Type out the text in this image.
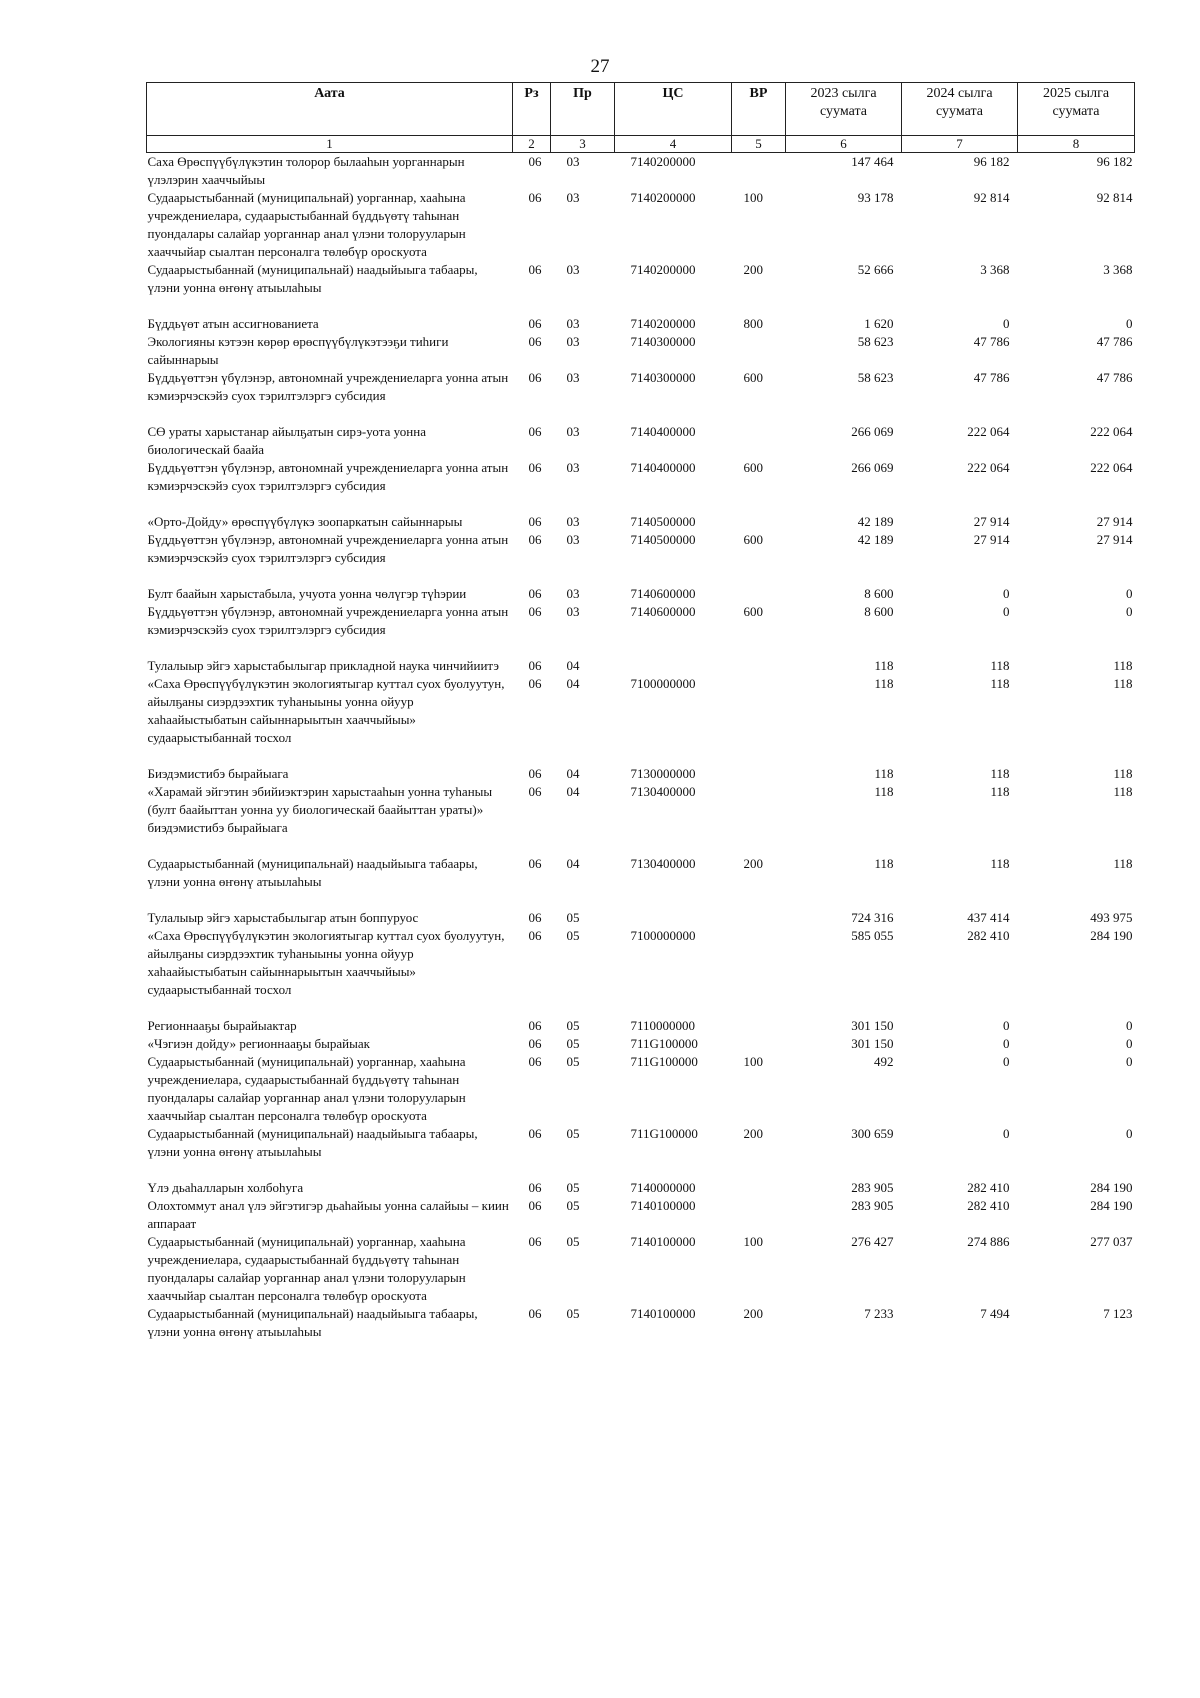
27
Аата	Рз	Пр	ЦС	ВР	2023 сылга суумата	2024 сылга суумата	2025 сылга суумата
1	2	3	4	5	6	7	8
Саха Өрөспүүбүлүкэтин толорор былааһын уорганнарын үлэлэрин хааччыйыы	06	03	7140200000		147 464	96 182	96 182
Судаарыстыбаннай (муниципальнай) уорганнар, хааһына учреждениелара, судаарыстыбаннай бүддьүөтү таһынан пуондалары салайар уорганнар анал үлэни толорууларын хааччыйар сыалтан персоналга төлөбүр ороскуота	06	03	7140200000	100	93 178	92 814	92 814
Судаарыстыбаннай (муниципальнай) наадыйыыга табаары, үлэни уонна өҥөнү атыылаһыы	06	03	7140200000	200	52 666	3 368	3 368
Бүддьүөт атын ассигнованиета	06	03	7140200000	800	1 620	0	0
Экологияны кэтээн көрөр өрөспүүбүлүкэтээҕи тиһиги сайыннарыы	06	03	7140300000		58 623	47 786	47 786
Бүддьүөттэн үбүлэнэр, автономнай учреждениеларга уонна атын кэмиэрчэскэйэ суох тэрилтэлэргэ субсидия	06	03	7140300000	600	58 623	47 786	47 786
СӨ ураты харыстанар айылҕатын сирэ-уота уонна биологическай баайа	06	03	7140400000		266 069	222 064	222 064
Бүддьүөттэн үбүлэнэр, автономнай учреждениеларга уонна атын кэмиэрчэскэйэ суох тэрилтэлэргэ субсидия	06	03	7140400000	600	266 069	222 064	222 064
«Орто-Дойду» өрөспүүбүлүкэ зоопаркатын сайыннарыы	06	03	7140500000		42 189	27 914	27 914
Бүддьүөттэн үбүлэнэр, автономнай учреждениеларга уонна атын кэмиэрчэскэйэ суох тэрилтэлэргэ субсидия	06	03	7140500000	600	42 189	27 914	27 914
Булт баайын харыстабыла, учуота уонна чөлүгэр түһэрии	06	03	7140600000		8 600	0	0
Бүддьүөттэн үбүлэнэр, автономнай учреждениеларга уонна атын кэмиэрчэскэйэ суох тэрилтэлэргэ субсидия	06	03	7140600000	600	8 600	0	0
Тулалыыр эйгэ харыстабылыгар прикладной наука чинчийиитэ	06	04			118	118	118
«Саха Өрөспүүбүлүкэтин экологиятыгар куттал суох буолуутун, айылҕаны сиэрдээхтик туһаныыны уонна ойуур хаһаайыстыбатын сайыннарыытын хааччыйыы» судаарыстыбаннай тосхол	06	04	7100000000		118	118	118
Биэдэмистибэ бырайыага	06	04	7130000000		118	118	118
«Харамай эйгэтин эбийиэктэрин харыстааһын уонна туһаныы (булт баайыттан уонна уу биологическай баайыттан ураты)» биэдэмистибэ бырайыага	06	04	7130400000		118	118	118
Судаарыстыбаннай (муниципальнай) наадыйыыга табаары, үлэни уонна өҥөнү атыылаһыы	06	04	7130400000	200	118	118	118
Тулалыыр эйгэ харыстабылыгар атын боппуруос	06	05			724 316	437 414	493 975
«Саха Өрөспүүбүлүкэтин экологиятыгар куттал суох буолуутун, айылҕаны сиэрдээхтик туһаныыны уонна ойуур хаһаайыстыбатын сайыннарыытын хааччыйыы» судаарыстыбаннай тосхол	06	05	7100000000		585 055	282 410	284 190
Регионнааҕы бырайыактар	06	05	7110000000		301 150	0	0
«Чэгиэн дойду» регионнааҕы бырайыак	06	05	711G100000		301 150	0	0
Судаарыстыбаннай (муниципальнай) уорганнар, хааһына учреждениелара, судаарыстыбаннай бүддьүөтү таһынан пуондалары салайар уорганнар анал үлэни толорууларын хааччыйар сыалтан персоналга төлөбүр ороскуота	06	05	711G100000	100	492	0	0
Судаарыстыбаннай (муниципальнай) наадыйыыга табаары, үлэни уонна өҥөнү атыылаһыы	06	05	711G100000	200	300 659	0	0
Үлэ дьаһалларын холбоһуга	06	05	7140000000		283 905	282 410	284 190
Олохтоммут анал үлэ эйгэтигэр дьаһайыы уонна салайыы – киин аппараат	06	05	7140100000		283 905	282 410	284 190
Судаарыстыбаннай (муниципальнай) уорганнар, хааһына учреждениелара, судаарыстыбаннай бүддьүөтү таһынан пуондалары салайар уорганнар анал үлэни толорууларын хааччыйар сыалтан персоналга төлөбүр ороскуота	06	05	7140100000	100	276 427	274 886	277 037
Судаарыстыбаннай (муниципальнай) наадыйыыга табаары, үлэни уонна өҥөнү атыылаһыы	06	05	7140100000	200	7 233	7 494	7 123
